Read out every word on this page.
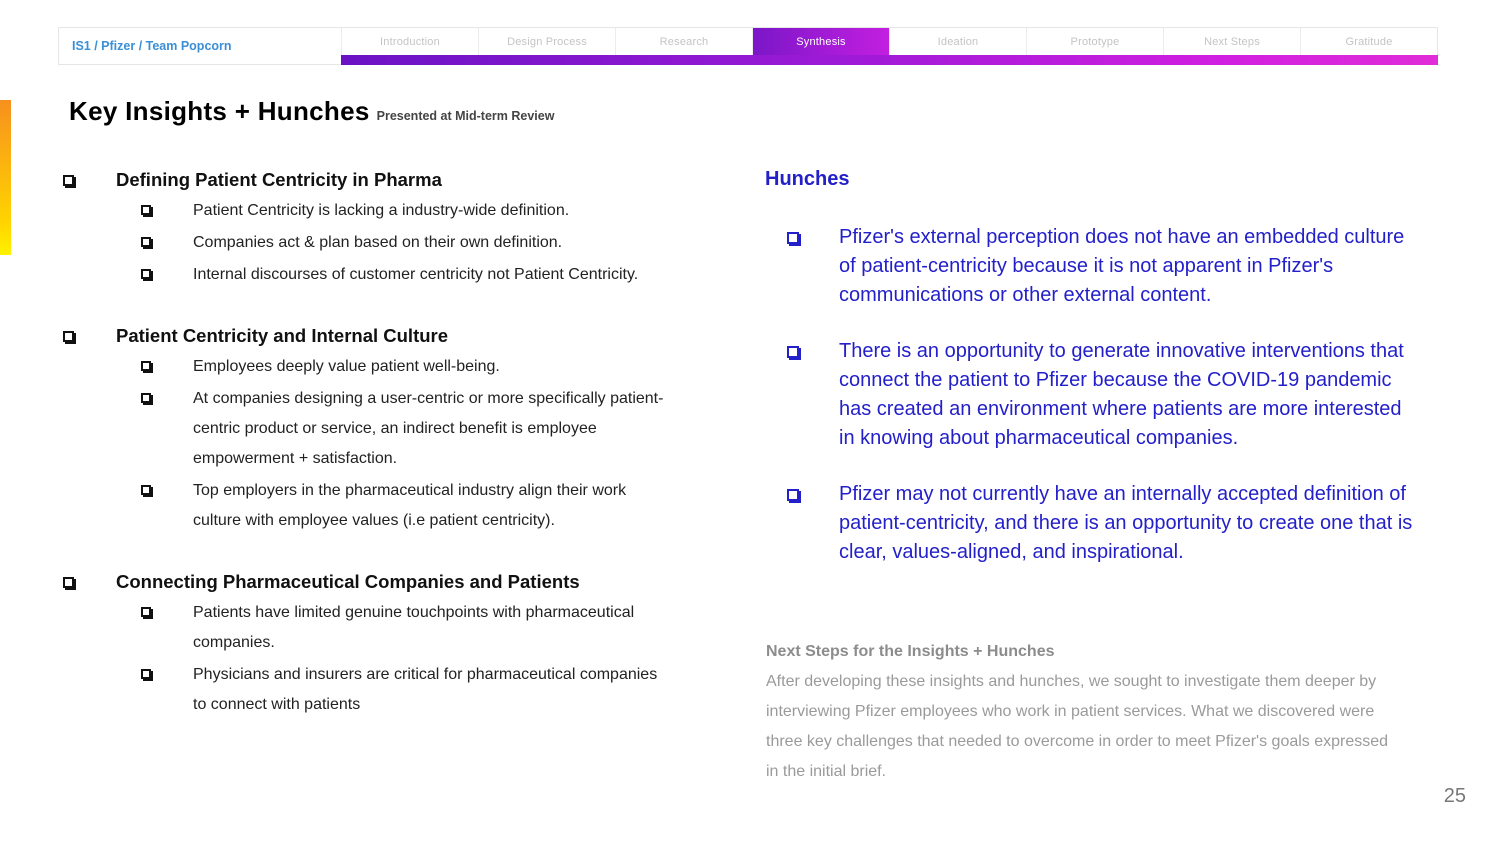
IS1 / Pfizer / Team Popcorn	Introduction	Design Process	Research	Synthesis	Ideation	Prototype	Next Steps	Gratitude
Key Insights + Hunches Presented at Mid-term Review
Defining Patient Centricity in Pharma
Patient Centricity is lacking a industry-wide definition.
Companies act & plan based on their own definition.
Internal discourses of customer centricity not Patient Centricity.
Patient Centricity and Internal Culture
Employees deeply value patient well-being.
At companies designing a user-centric or more specifically patient-centric product or service, an indirect benefit is employee empowerment + satisfaction.
Top employers in the pharmaceutical industry align their work culture with employee values (i.e patient centricity).
Connecting Pharmaceutical Companies and Patients
Patients have limited genuine touchpoints with pharmaceutical companies.
Physicians and insurers are critical for pharmaceutical companies to connect with patients
Hunches
Pfizer's external perception does not have an embedded culture of patient-centricity because it is not apparent in Pfizer's communications or other external content.
There is an opportunity to generate innovative interventions that connect the patient to Pfizer because the COVID-19 pandemic has created an environment where patients are more interested in knowing about pharmaceutical companies.
Pfizer may not currently have an internally accepted definition of patient-centricity, and there is an opportunity to create one that is clear, values-aligned, and inspirational.
Next Steps for the Insights + Hunches
After developing these insights and hunches, we sought to investigate them deeper by interviewing Pfizer employees who work in patient services. What we discovered were three key challenges that needed to overcome in order to meet Pfizer's goals expressed in the initial brief.
25
